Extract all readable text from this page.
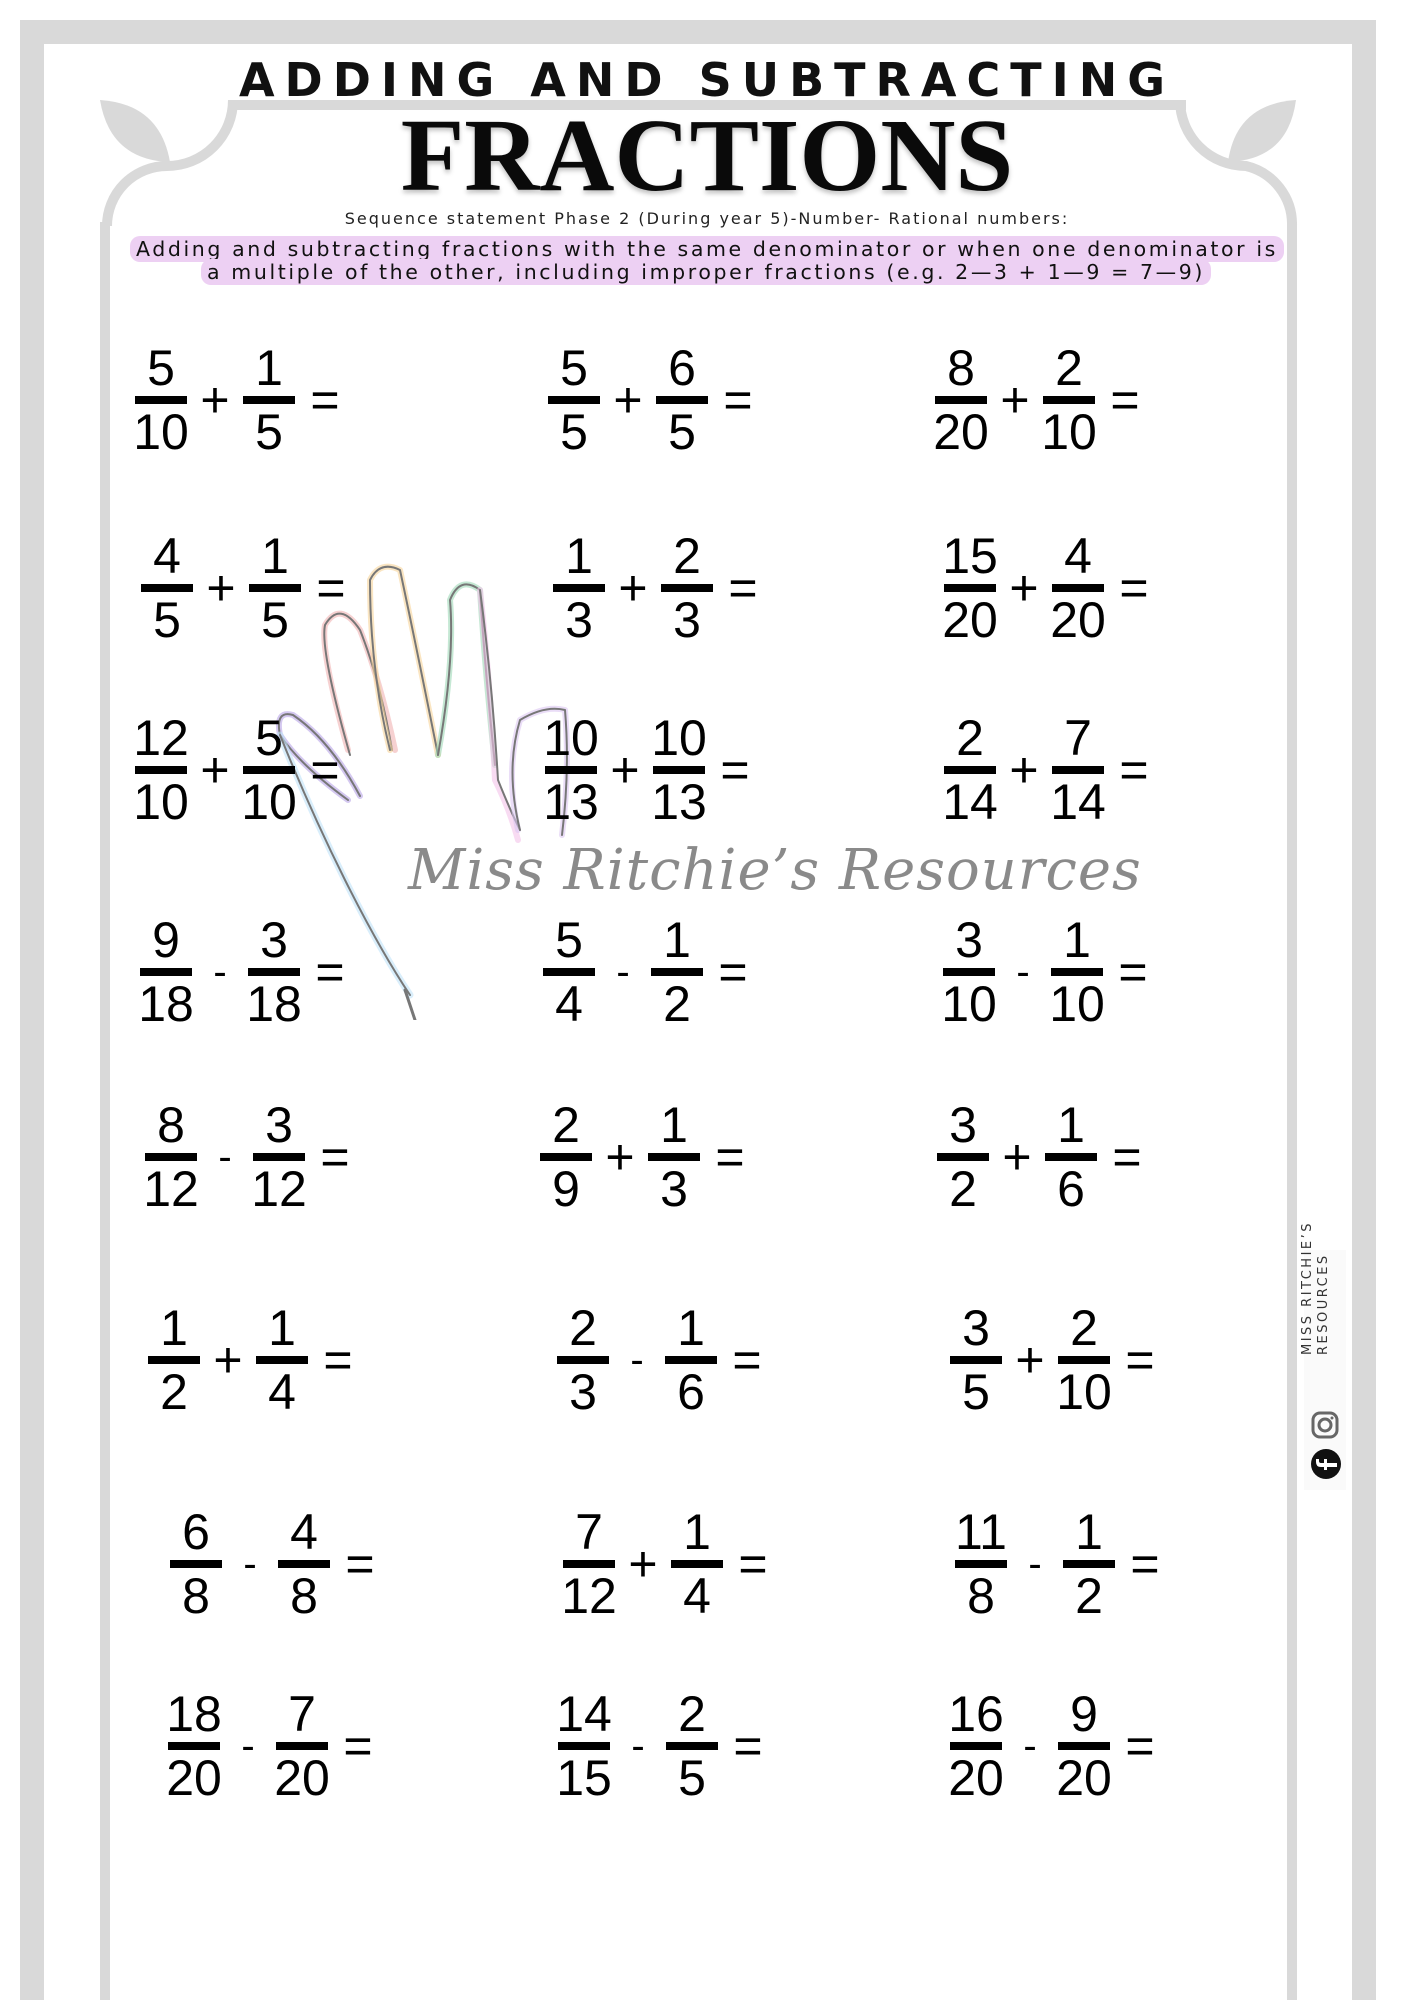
ADDING AND SUBTRACTING
FRACTIONS
Sequence statement Phase 2 (During year 5)-Number- Rational numbers:
Adding and subtracting fractions with the same denominator or when one denominator is a multiple of the other, including improper fractions (e.g. 2—3 + 1—9 = 7—9)
Miss Ritchie’s Resources
5
10
+
1
5
=
5
5
+
6
5
=
8
20
+
2
10
=
4
5
+
1
5
=
1
3
+
2
3
=
15
20
+
4
20
=
12
10
+
5
10
=
10
13
+
10
13
=
2
14
+
7
14
=
9
18
-
3
18
=
5
4
-
1
2
=
3
10
-
1
10
=
8
12
-
3
12
=
2
9
+
1
3
=
3
2
+
1
6
=
1
2
+
1
4
=
2
3
-
1
6
=
3
5
+
2
10
=
6
8
-
4
8
=
7
12
+
1
4
=
11
8
-
1
2
=
18
20
-
7
20
=
14
15
-
2
5
=
16
20
-
9
20
=
MISS RITCHIE’S RESOURCES
